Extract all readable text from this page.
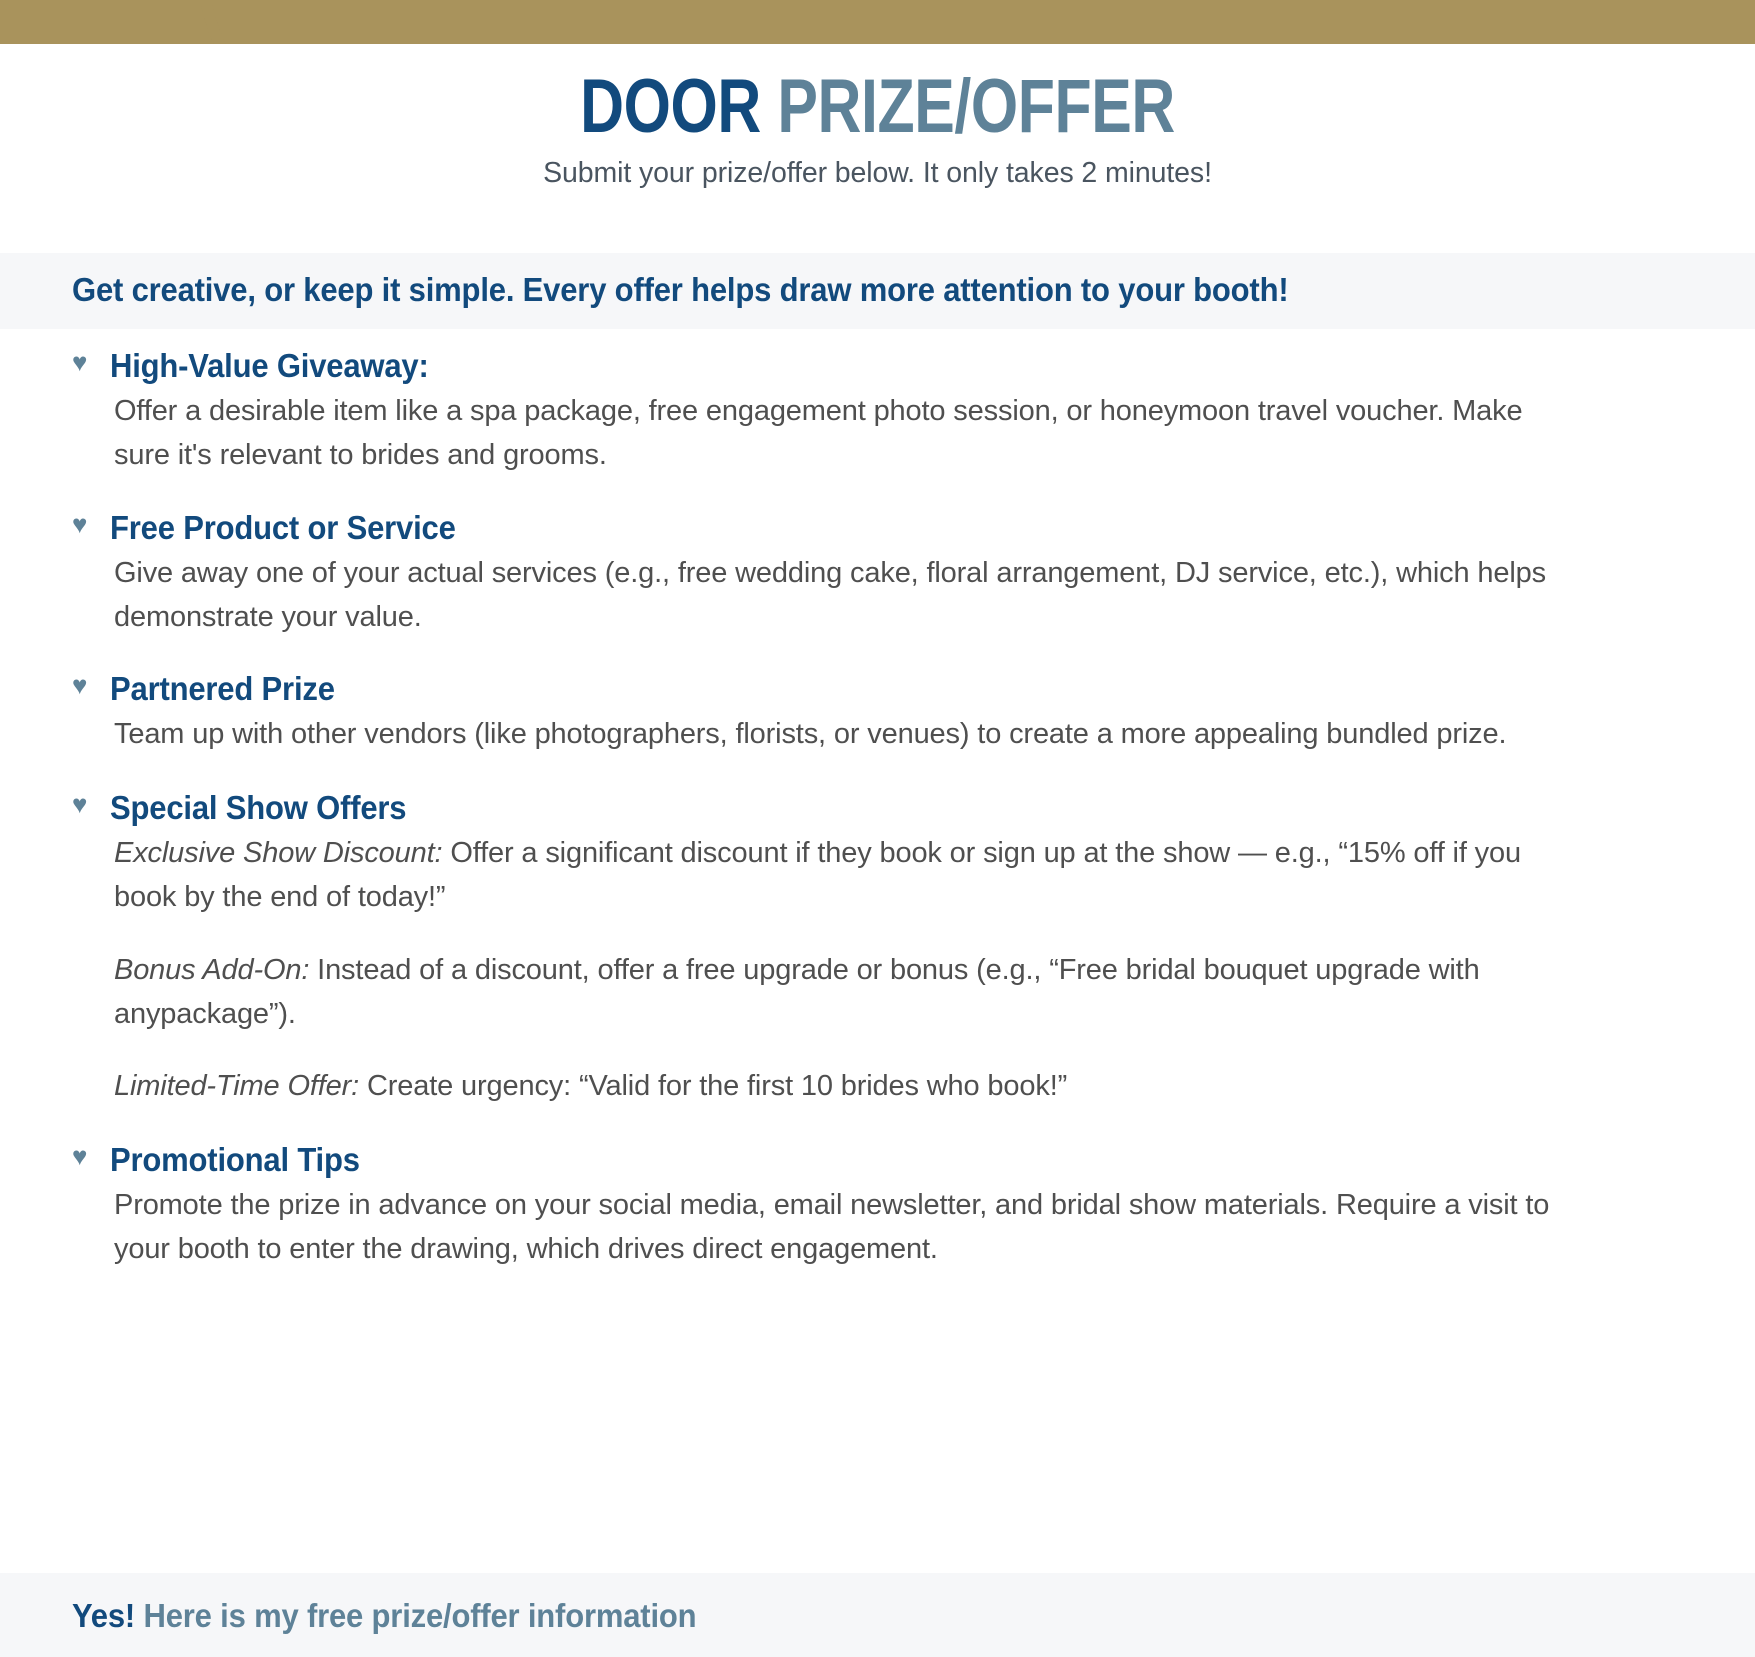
DOOR PRIZE/OFFER
Submit your prize/offer below. It only takes 2 minutes!
Get creative, or keep it simple. Every offer helps draw more attention to your booth!
♥ High-Value Giveaway:
Offer a desirable item like a spa package, free engagement photo session, or honeymoon travel voucher. Make sure it's relevant to brides and grooms.
♥ Free Product or Service
Give away one of your actual services (e.g., free wedding cake, floral arrangement, DJ service, etc.), which helps demonstrate your value.
♥ Partnered Prize
Team up with other vendors (like photographers, florists, or venues) to create a more appealing bundled prize.
♥ Special Show Offers
Exclusive Show Discount: Offer a significant discount if they book or sign up at the show — e.g., “15% off if you book by the end of today!”
Bonus Add-On: Instead of a discount, offer a free upgrade or bonus (e.g., “Free bridal bouquet upgrade with anypackage”).
Limited-Time Offer: Create urgency: “Valid for the first 10 brides who book!”
♥ Promotional Tips
Promote the prize in advance on your social media, email newsletter, and bridal show materials. Require a visit to your booth to enter the drawing, which drives direct engagement.
Yes! Here is my free prize/offer information
